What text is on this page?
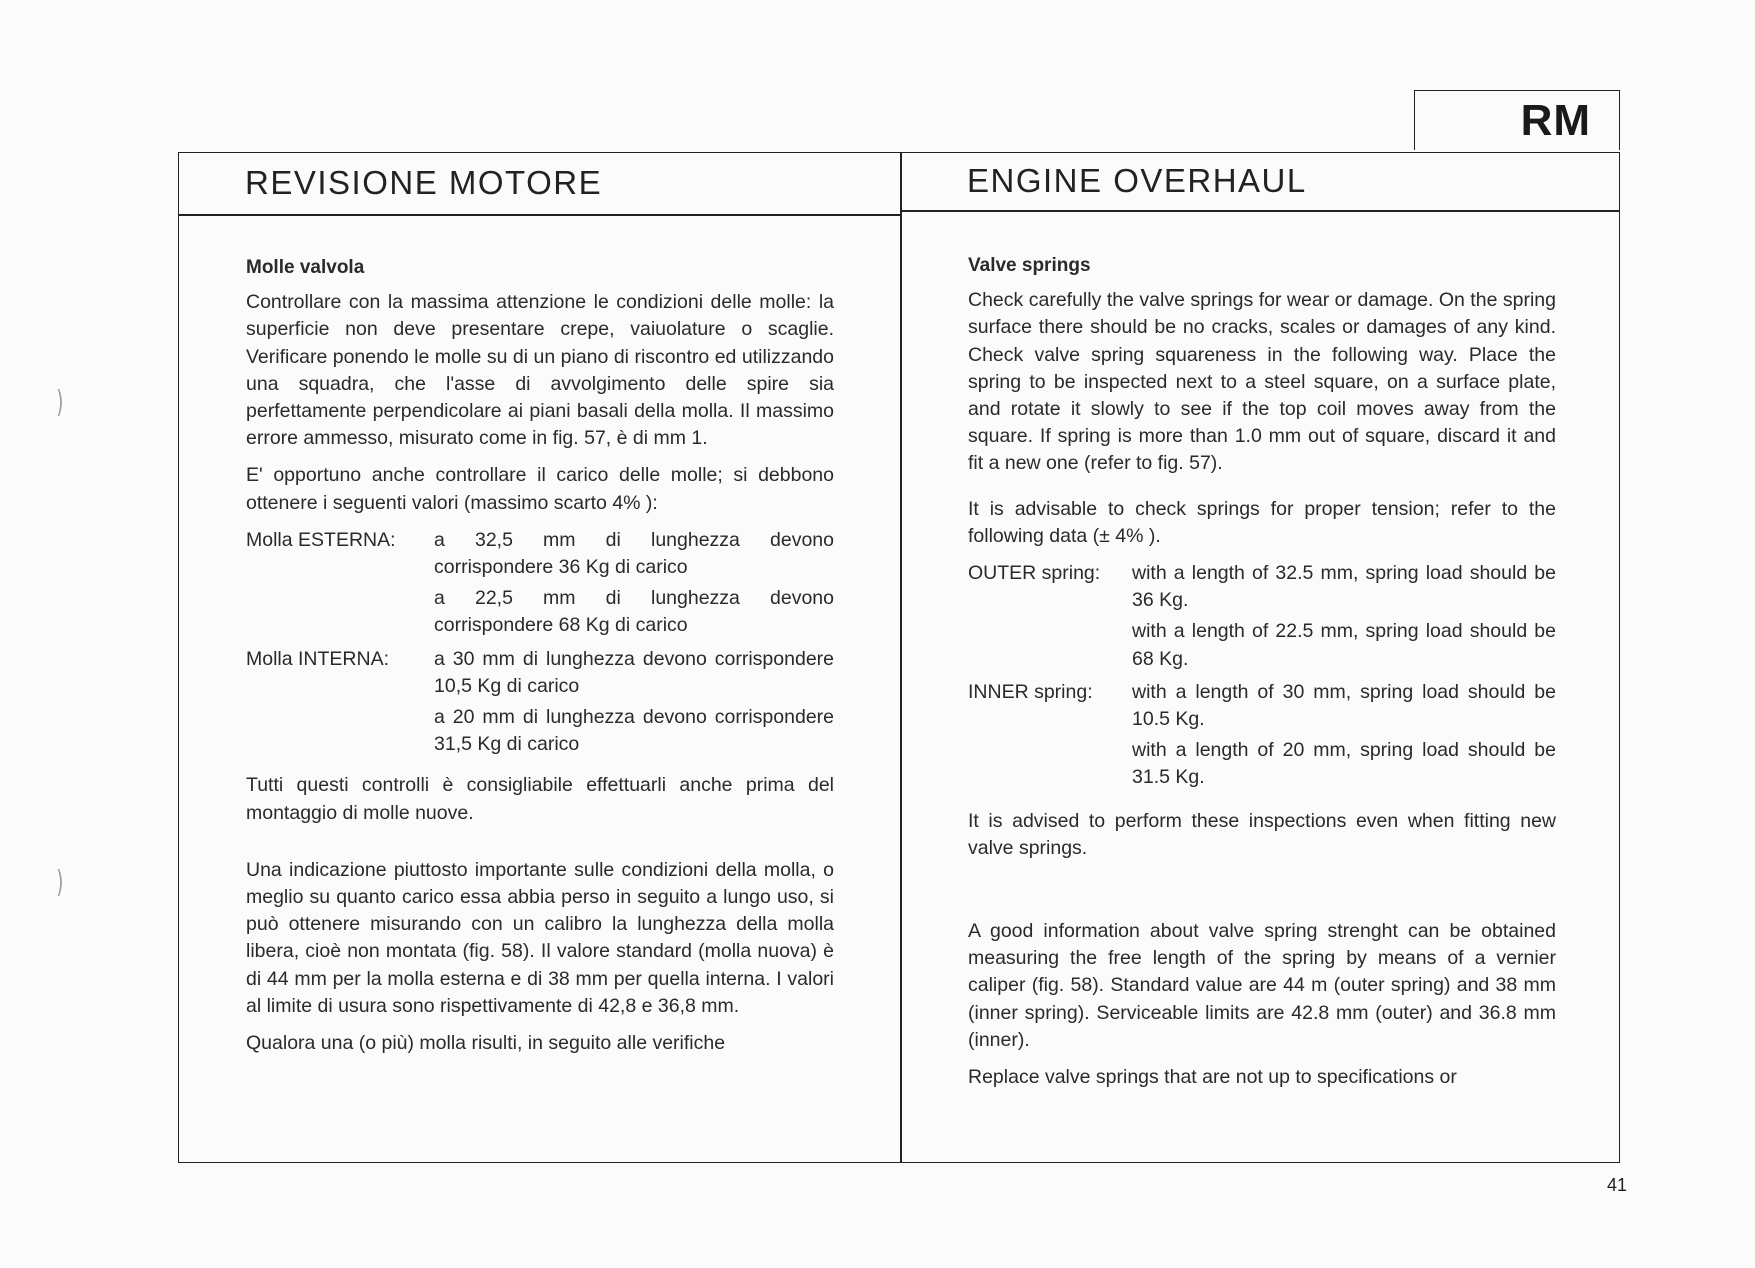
)
)
RM
REVISIONE MOTORE	ENGINE OVERHAUL
Molle valvola

Controllare con la massima attenzione le condizioni delle molle: la superficie non deve presentare crepe, vaiuolature o scaglie. Verificare ponendo le molle su di un piano di riscontro ed utilizzando una squadra, che l'asse di avvolgimento delle spire sia perfettamente perpendicolare ai piani basali della molla. Il massimo errore ammesso, misurato come in fig. 57, è di mm 1.

E' opportuno anche controllare il carico delle molle; si debbono ottenere i seguenti valori (massimo scarto 4% ):

Molla ESTERNA:	a 32,5 mm di lunghezza devono corrispondere 36 Kg di carico
a 22,5 mm di lunghezza devono corrispondere 68 Kg di carico
Molla INTERNA:	a 30 mm di lunghezza devono corrispondere 10,5 Kg di carico
a 20 mm di lunghezza devono corrispondere 31,5 Kg di carico

Tutti questi controlli è consigliabile effettuarli anche prima del montaggio di molle nuove.

Una indicazione piuttosto importante sulle condizioni della molla, o meglio su quanto carico essa abbia perso in seguito a lungo uso, si può ottenere misurando con un calibro la lunghezza della molla libera, cioè non montata (fig. 58). Il valore standard (molla nuova) è di 44 mm per la molla esterna e di 38 mm per quella interna. I valori al limite di usura sono rispettivamente di 42,8 e 36,8 mm.

Qualora una (o più) molla risulti, in seguito alle verifiche

Valve springs

Check carefully the valve springs for wear or damage. On the spring surface there should be no cracks, scales or damages of any kind. Check valve spring squareness in the following way. Place the spring to be inspected next to a steel square, on a surface plate, and rotate it slowly to see if the top coil moves away from the square. If spring is more than 1.0 mm out of square, discard it and fit a new one (refer to fig. 57).

It is advisable to check springs for proper tension; refer to the following data (± 4% ).

OUTER spring:	with a length of 32.5 mm, spring load should be 36 Kg.
with a length of 22.5 mm, spring load should be 68 Kg.
INNER spring:	with a length of 30 mm, spring load should be 10.5 Kg.
with a length of 20 mm, spring load should be 31.5 Kg.

It is advised to perform these inspections even when fitting new valve springs.

A good information about valve spring strenght can be obtained measuring the free length of the spring by means of a vernier caliper (fig. 58). Standard value are 44 m (outer spring) and 38 mm (inner spring). Serviceable limits are 42.8 mm (outer) and 36.8 mm (inner).

Replace valve springs that are not up to specifications or

41
